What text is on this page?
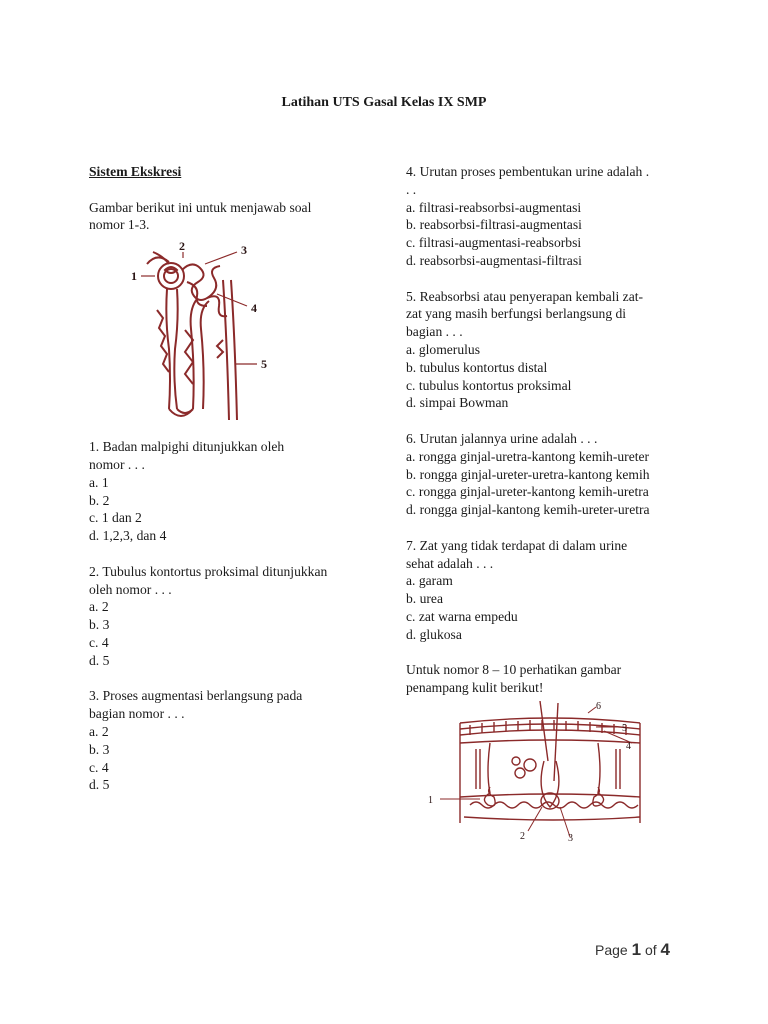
Latihan UTS Gasal Kelas IX SMP
Sistem Ekskresi
Gambar berikut ini untuk menjawab soal
nomor 1-3.
1
2	3
4
5
1. Badan malpighi ditunjukkan oleh
nomor . . .
a. 1
b. 2
c. 1 dan 2
d. 1,2,3, dan 4
2. Tubulus kontortus proksimal ditunjukkan
oleh nomor . . .
a. 2
b. 3
c. 4
d. 5
3. Proses augmentasi berlangsung pada
bagian nomor . . .
a. 2
b. 3
c. 4
d. 5
4. Urutan proses pembentukan urine adalah .
. .
a. filtrasi-reabsorbsi-augmentasi
b. reabsorbsi-filtrasi-augmentasi
c. filtrasi-augmentasi-reabsorbsi
d. reabsorbsi-augmentasi-filtrasi
5. Reabsorbsi atau penyerapan kembali zat-
zat yang masih berfungsi berlangsung di
bagian . . .
a. glomerulus
b. tubulus kontortus distal
c. tubulus kontortus proksimal
d. simpai Bowman
6. Urutan jalannya urine adalah . . .
a. rongga ginjal-uretra-kantong kemih-ureter
b. rongga ginjal-ureter-uretra-kantong kemih
c. rongga ginjal-ureter-kantong kemih-uretra
d. rongga ginjal-kantong kemih-ureter-uretra
7. Zat yang tidak terdapat di dalam urine
sehat adalah . . .
a. garam
b. urea
c. zat warna empedu
d. glukosa
Untuk nomor 8 – 10 perhatikan gambar
penampang kulit berikut!
1
2	3
4
5
6
Page 1 of 4
